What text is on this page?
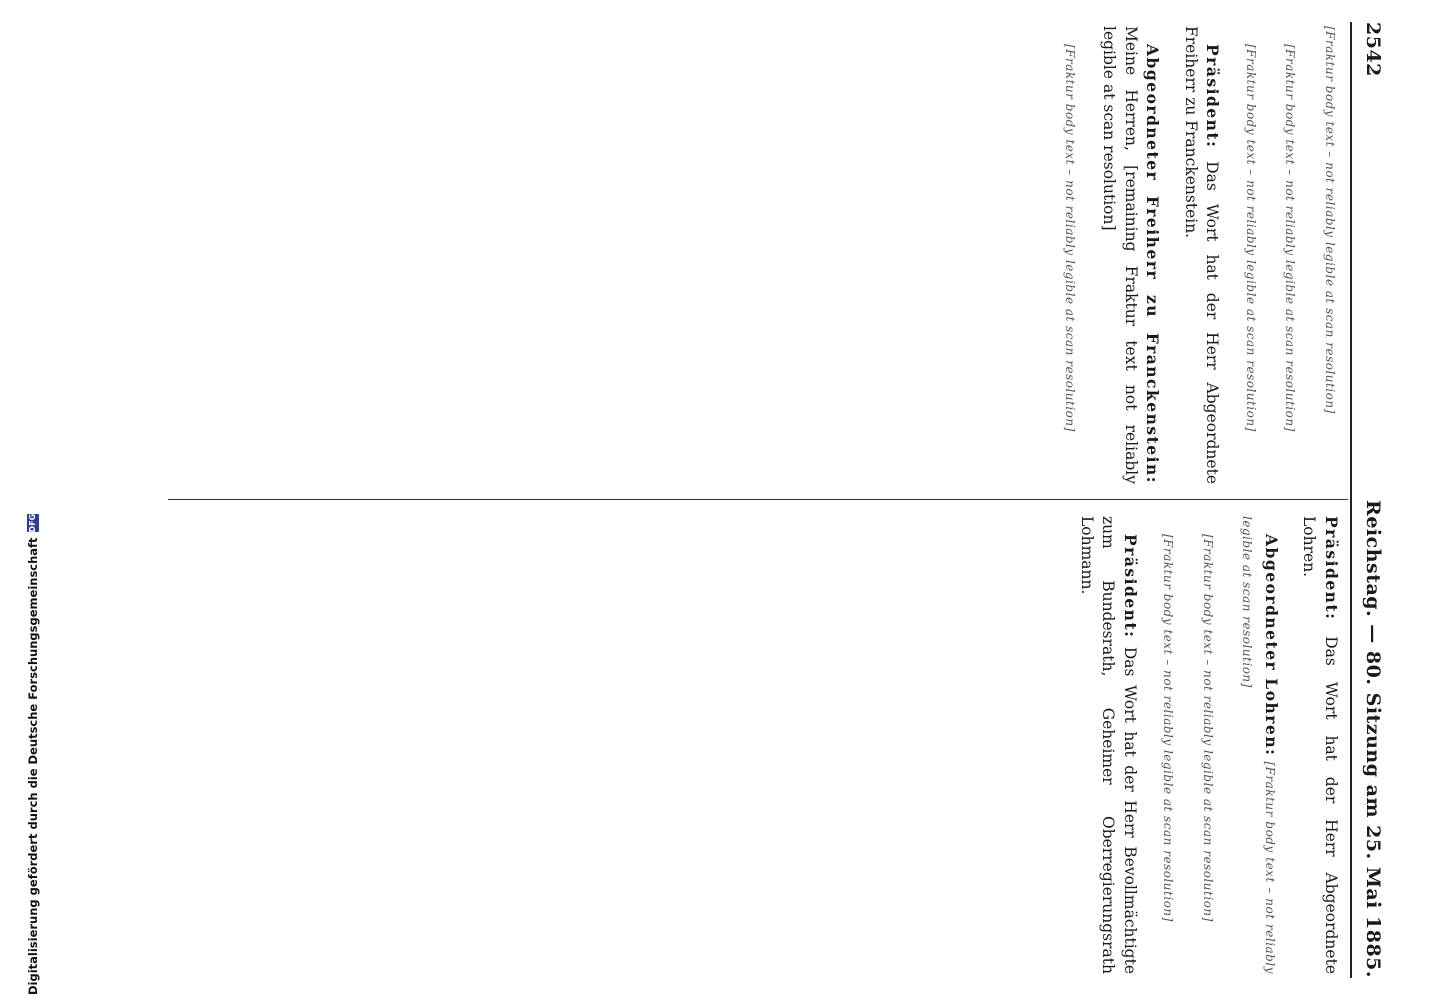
Digitalisierung gefördert durch die Deutsche Forschungsgemeinschaft
DFG
2542
Reichstag. — 80. Sitzung am 25. Mai 1885.

[Fraktur body text – not reliably legible at scan resolution]

[Fraktur body text – not reliably legible at scan resolution]

[Fraktur body text – not reliably legible at scan resolution]

Präsident: Das Wort hat der Herr Abgeordnete Freiherr zu Franckenstein.

Abgeordneter Freiherr zu Franckenstein: Meine Herren, [remaining Fraktur text not reliably legible at scan resolution]

[Fraktur body text – not reliably legible at scan resolution]

Präsident: Das Wort hat der Herr Abgeordnete Lohren.

Abgeordneter Lohren: [Fraktur body text – not reliably legible at scan resolution]

[Fraktur body text – not reliably legible at scan resolution]

[Fraktur body text – not reliably legible at scan resolution]

Präsident: Das Wort hat der Herr Bevollmächtigte zum Bundesrath, Geheimer Oberregierungsrath Lohmann.
